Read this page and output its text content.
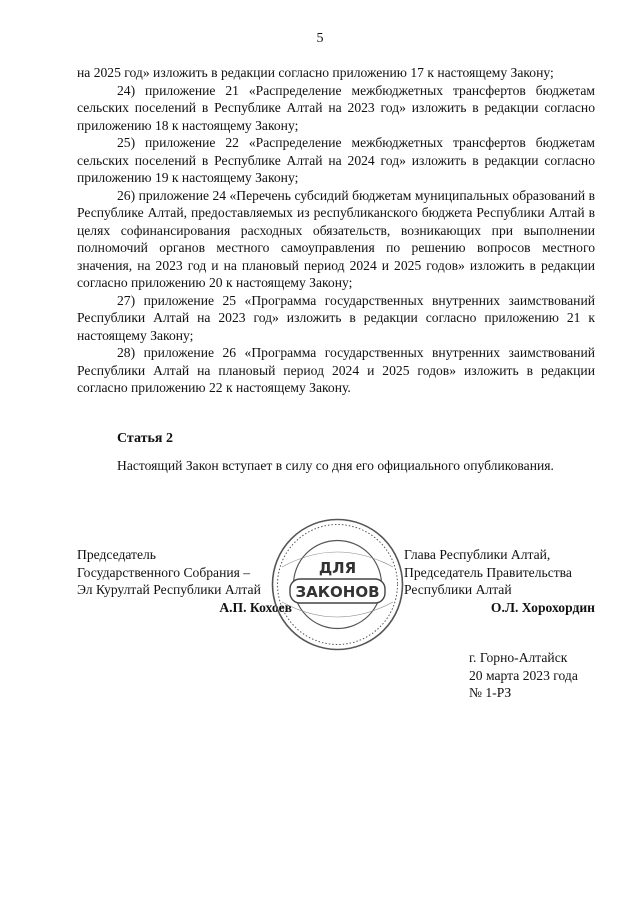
5

на 2025 год» изложить в редакции согласно приложению 17 к настоящему Закону;

24) приложение 21 «Распределение межбюджетных трансфертов бюджетам сельских поселений в Республике Алтай на 2023 год» изложить в редакции согласно приложению 18 к настоящему Закону;

25) приложение 22 «Распределение межбюджетных трансфертов бюджетам сельских поселений в Республике Алтай на 2024 год» изложить в редакции согласно приложению 19 к настоящему Закону;

26) приложение 24 «Перечень субсидий бюджетам муниципальных образований в Республике Алтай, предоставляемых из республиканского бюджета Республики Алтай в целях софинансирования расходных обязательств, возникающих при выполнении полномочий органов местного самоуправления по решению вопросов местного значения, на 2023 год и на плановый период 2024 и 2025 годов» изложить в редакции согласно приложению 20 к настоящему Закону;

27) приложение 25 «Программа государственных внутренних заимствований Республики Алтай на 2023 год» изложить в редакции согласно приложению 21 к настоящему Закону;

28) приложение 26 «Программа государственных внутренних заимствований Республики Алтай на плановый период 2024 и 2025 годов» изложить в редакции согласно приложению 22 к настоящему Закону.

Статья 2

Настоящий Закон вступает в силу со дня его официального опубликования.

Председатель
Государственного Собрания –
Эл Курултай Республики Алтай
А.П. Кохоев
ДЛЯ
ЗАКОНОВ
Глава Республики Алтай,
Председатель Правительства
Республики Алтай
О.Л. Хорохордин
г. Горно-Алтайск
20 марта 2023 года
№ 1-РЗ
